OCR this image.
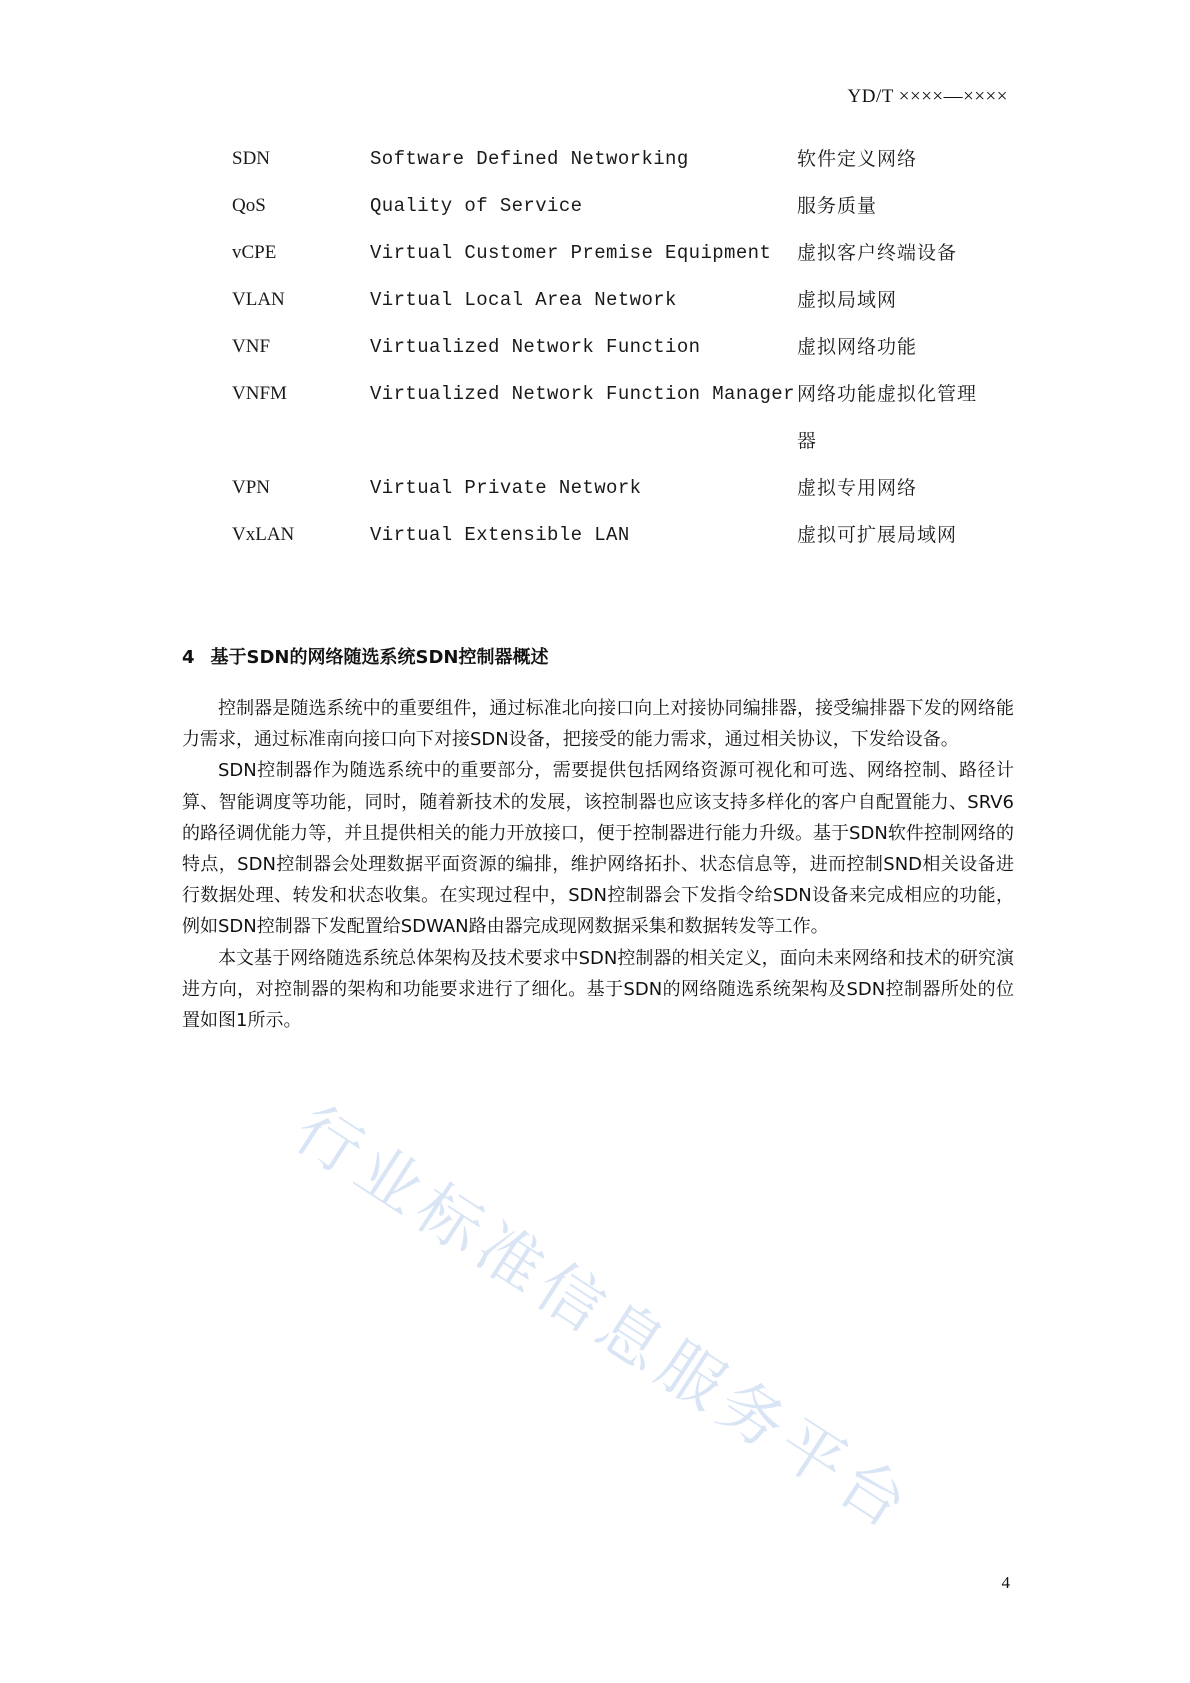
YD/T ××××—××××
SDN	Software Defined Networking	软件定义网络
QoS	Quality of Service	服务质量
vCPE	Virtual Customer Premise Equipment 虚拟客户终端设备
VLAN	Virtual Local Area Network	虚拟局域网
VNF	Virtualized Network Function	虚拟网络功能
VNFM	Virtualized Network Function Manager 网络功能虚拟化管理器
VPN	Virtual Private Network	虚拟专用网络
VxLAN	Virtual Extensible LAN	虚拟可扩展局域网
4 基于SDN的网络随选系统SDN控制器概述

控制器是随选系统中的重要组件，通过标准北向接口向上对接协同编排器，接受编排器下发的网络能力需求，通过标准南向接口向下对接SDN设备，把接受的能力需求，通过相关协议，下发给设备。

SDN控制器作为随选系统中的重要部分，需要提供包括网络资源可视化和可选、网络控制、路径计算、智能调度等功能，同时，随着新技术的发展，该控制器也应该支持多样化的客户自配置能力、SRV6的路径调优能力等，并且提供相关的能力开放接口，便于控制器进行能力升级。基于SDN软件控制网络的特点，SDN控制器会处理数据平面资源的编排，维护网络拓扑、状态信息等，进而控制SND相关设备进行数据处理、转发和状态收集。在实现过程中，SDN控制器会下发指令给SDN设备来完成相应的功能，例如SDN控制器下发配置给SDWAN路由器完成现网数据采集和数据转发等工作。

本文基于网络随选系统总体架构及技术要求中SDN控制器的相关定义，面向未来网络和技术的研究演进方向，对控制器的架构和功能要求进行了细化。基于SDN的网络随选系统架构及SDN控制器所处的位置如图1所示。

行业标准信息服务平台
4
